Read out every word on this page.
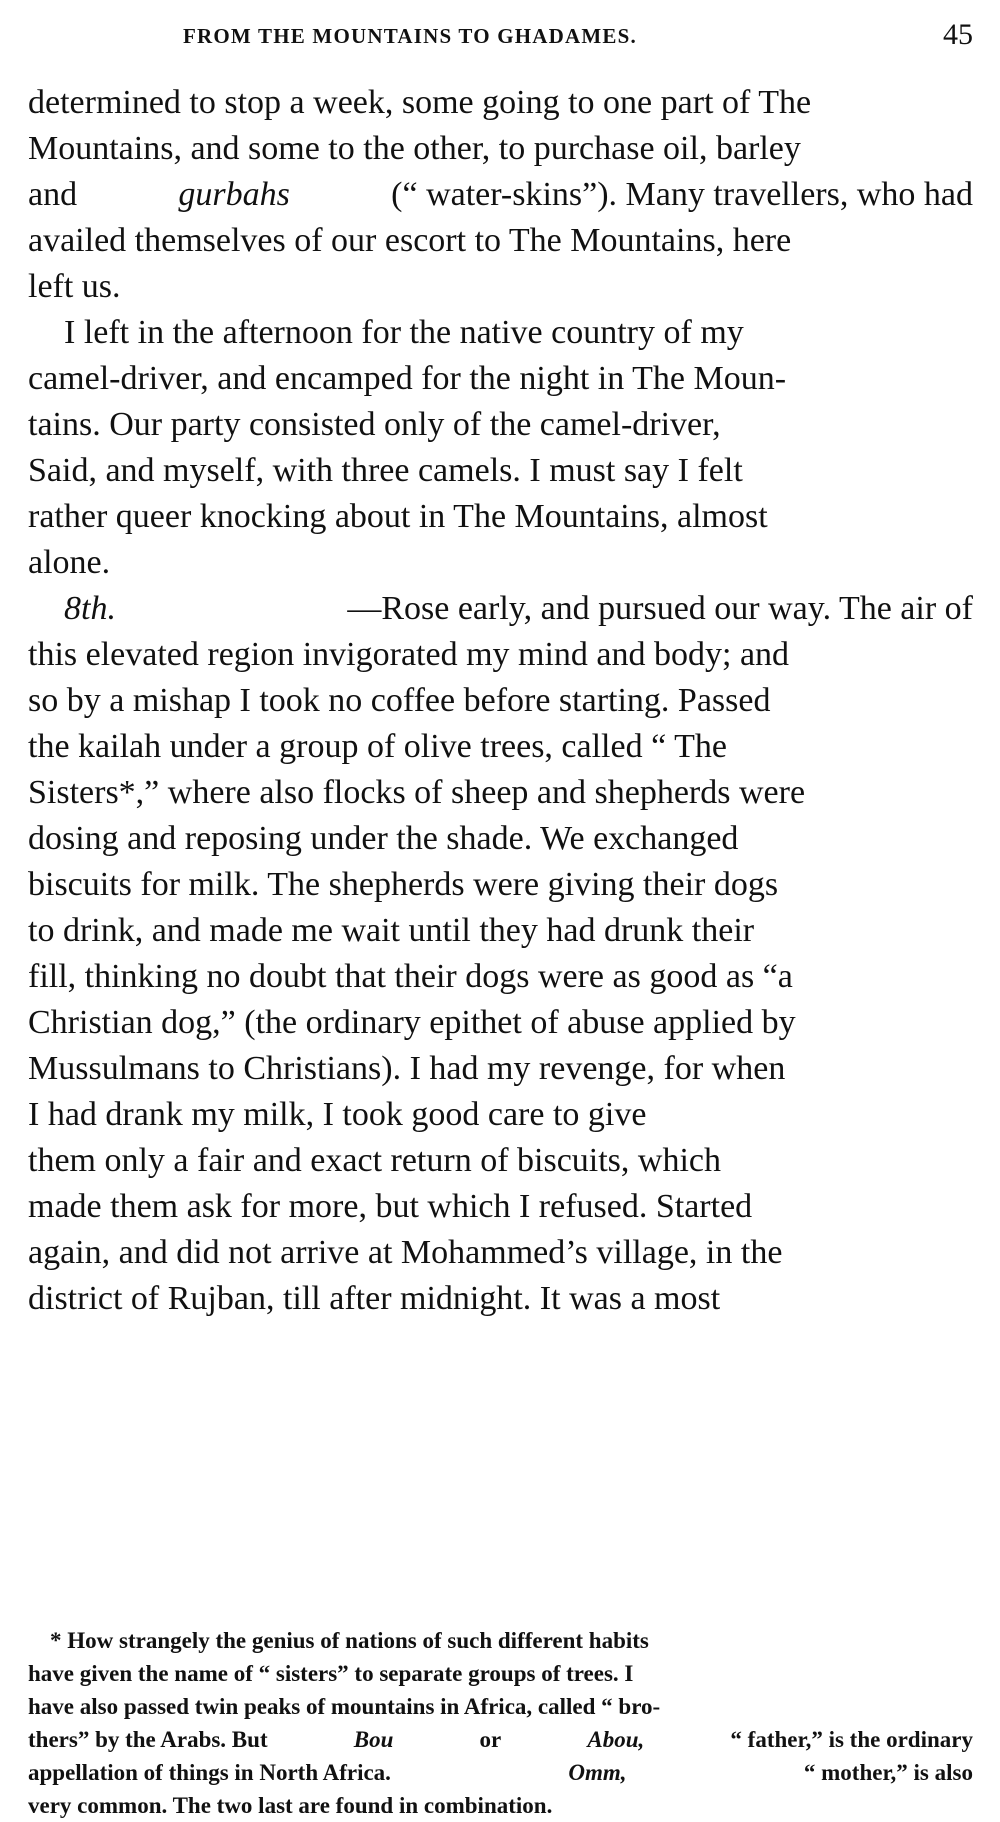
FROM THE MOUNTAINS TO GHADAMES.	45
determined to stop a week, some going to one part of The
Mountains, and some to the other, to purchase oil, barley
and	gurbahs	(“ water-skins”). Many travellers, who had
availed themselves of our escort to The Mountains, here
left us.
I left in the afternoon for the native country of my
camel-driver, and encamped for the night in The Moun-
tains. Our party consisted only of the camel-driver,
Said, and myself, with three camels. I must say I felt
rather queer knocking about in The Mountains, almost
alone.
8th.	—Rose early, and pursued our way. The air of
this elevated region invigorated my mind and body; and
so by a mishap I took no coffee before starting. Passed
the kailah under a group of olive trees, called “ The
Sisters*,” where also flocks of sheep and shepherds were
dosing and reposing under the shade. We exchanged
biscuits for milk. The shepherds were giving their dogs
to drink, and made me wait until they had drunk their
fill, thinking no doubt that their dogs were as good as “a
Christian dog,” (the ordinary epithet of abuse applied by
Mussulmans to Christians). I had my revenge, for when
I had drank my milk, I took good care to give
them only a fair and exact return of biscuits, which
made them ask for more, but which I refused. Started
again, and did not arrive at Mohammed’s village, in the
district of Rujban, till after midnight. It was a most
* How strangely the genius of nations of such different habits
have given the name of “ sisters” to separate groups of trees. I
have also passed twin peaks of mountains in Africa, called “ bro-
thers” by the Arabs. But	Bou	or	Abou,	“ father,” is the ordinary
appellation of things in North Africa.	Omm,	“ mother,” is also
very common. The two last are found in combination.
